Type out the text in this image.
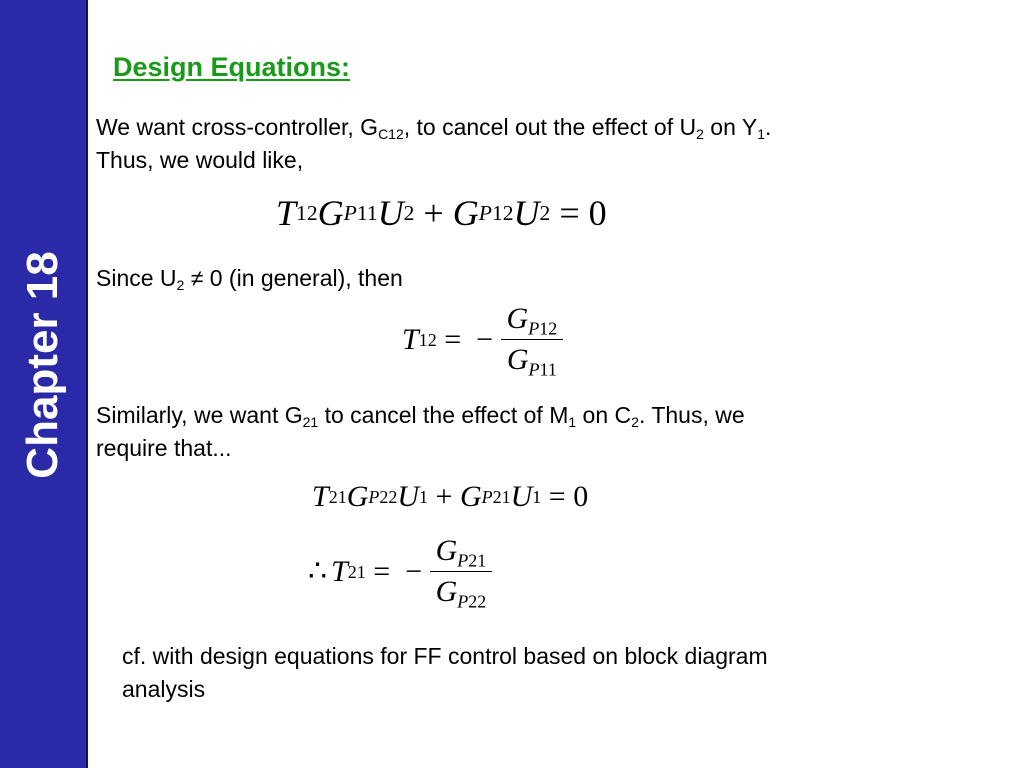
Chapter 18
Design Equations:
We want cross-controller, $G_{C12}$, to cancel out the effect of $U_2$ on $Y_1$.
Thus, we would like,
T 12 G P11 U 2 + G P12 U 2 = 0
Since $U_2 \ne 0$ (in general), then
T 12 = − $\frac{G_{P12}}{G_{P11}}$
Similarly, we want $G_{21}$ to cancel the effect of $M_1$ on $C_2$. Thus, we
require that...
T 21 G P22 U 1 + G P21 U 1 = 0
∴ T 21 = − $\frac{G_{P21}}{G_{P22}}$
cf. with design equations for FF control based on block diagram
analysis
